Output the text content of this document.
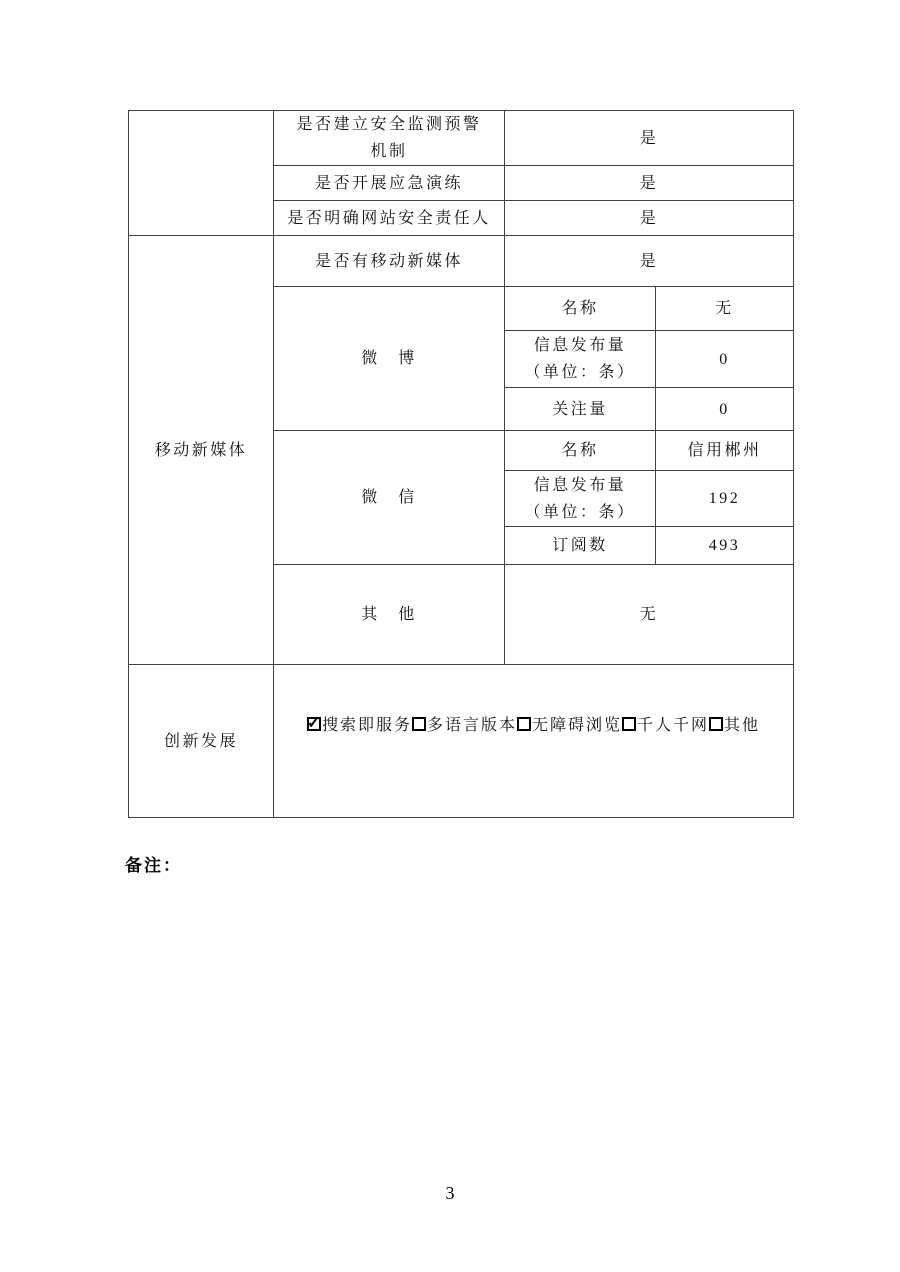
	是否建立安全监测预警
机制	是	
	是否开展应急演练	是	
	是否明确网站安全责任人	是	
移动新媒体	是否有移动新媒体	是	
	微　博	名称	无

		信息发布量
（单位：条）	0
		关注量	0
	微　信	名称	信用郴州

		信息发布量
（单位：条）	192
		订阅数	493
	其　他	无	
创新发展	
✓搜索即服务 多语言版本 无障碍浏览 千人千网 其他
备注：
3
